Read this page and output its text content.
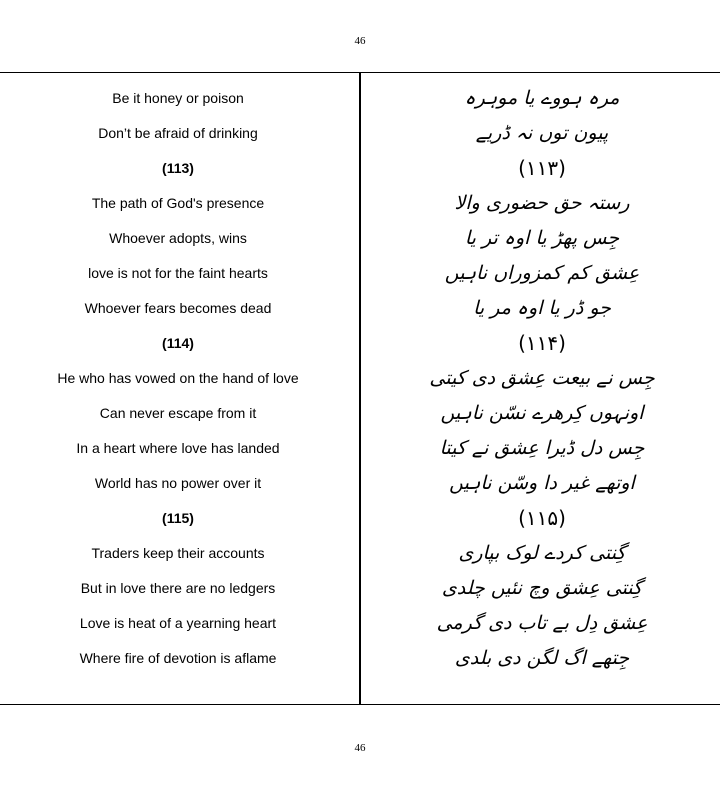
46
Be it honey or poison
Don’t be afraid of drinking
(113)
The path of God's presence
Whoever adopts, wins
love is not for the faint hearts
Whoever fears becomes dead
(114)
He who has vowed on the hand of love
Can never escape from it
In a heart where love has landed
World has no power over it
(115)
Traders keep their accounts
But in love there are no ledgers
Love is heat of a yearning heart
Where fire of devotion is aflame
مرہ ہووے یا موہرہ
پیون توں نہ ڈریے
(۱۱۳)
رستہ حق حضوری والا
جِس پھڑ یا اوہ تر یا
عِشق کم کمزوراں ناہیں
جو ڈر یا اوہ مر یا
(۱۱۴)
جِس نے بیعت عِشق دی کیتی
اونہوں کِرھرے نسّن ناہیں
جِس دل ڈیرا عِشق نے کیتا
اوتھے غیر دا وسّن ناہیں
(۱۱۵)
گِنتی کردے لوک بپاری
گِنتی عِشق وچ نئیں چلدی
عِشق دِل بے تاب دی گرمی
جِتھے اگ لگن دی بلدی
46
